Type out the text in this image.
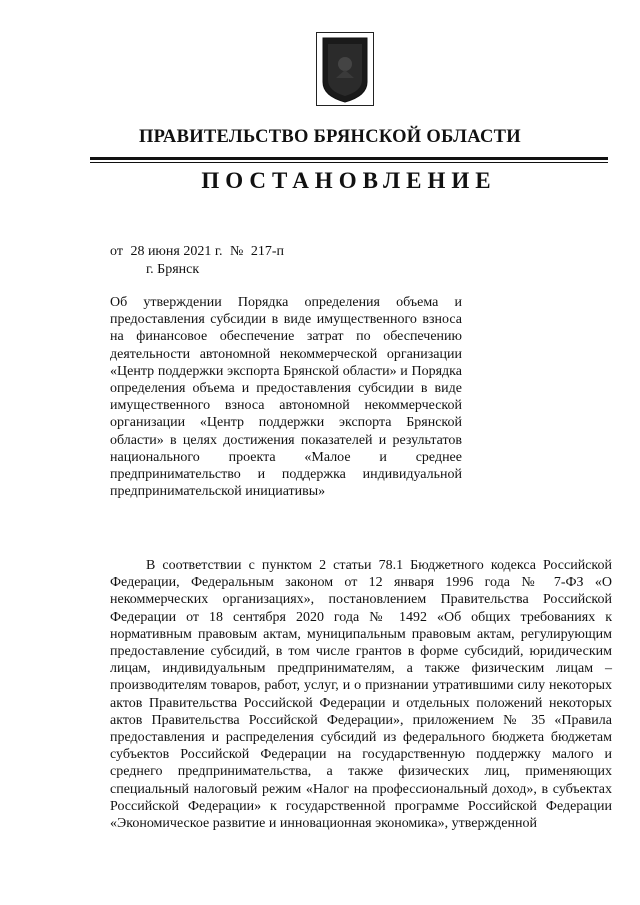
ПРАВИТЕЛЬСТВО БРЯНСКОЙ ОБЛАСТИ
ПОСТАНОВЛЕНИЕ
от 28 июня 2021 г. № 217-п
г. Брянск
Об утверждении Порядка определения объема и предоставления субсидии в виде имущественного взноса на финансовое обеспечение затрат по обеспечению деятельности автономной некоммерческой организации «Центр поддержки экспорта Брянской области» и Порядка определения объема и предоставления субсидии в виде имущественного взноса автономной некоммерческой организации «Центр поддержки экспорта Брянской области» в целях достижения показателей и результатов национального проекта «Малое и среднее предпринимательство и поддержка индивидуальной предпринимательской инициативы»
В соответствии с пунктом 2 статьи 78.1 Бюджетного кодекса Российской Федерации, Федеральным законом от 12 января 1996 года № 7-ФЗ «О некоммерческих организациях», постановлением Правительства Российской Федерации от 18 сентября 2020 года № 1492 «Об общих требованиях к нормативным правовым актам, муниципальным правовым актам, регулирующим предоставление субсидий, в том числе грантов в форме субсидий, юридическим лицам, индивидуальным предпринимателям, а также физическим лицам – производителям товаров, работ, услуг, и о признании утратившими силу некоторых актов Правительства Российской Федерации и отдельных положений некоторых актов Правительства Российской Федерации», приложением № 35 «Правила предоставления и распределения субсидий из федерального бюджета бюджетам субъектов Российской Федерации на государственную поддержку малого и среднего предпринимательства, а также физических лиц, применяющих специальный налоговый режим «Налог на профессиональный доход», в субъектах Российской Федерации» к государственной программе Российской Федерации «Экономическое развитие и инновационная экономика», утвержденной
